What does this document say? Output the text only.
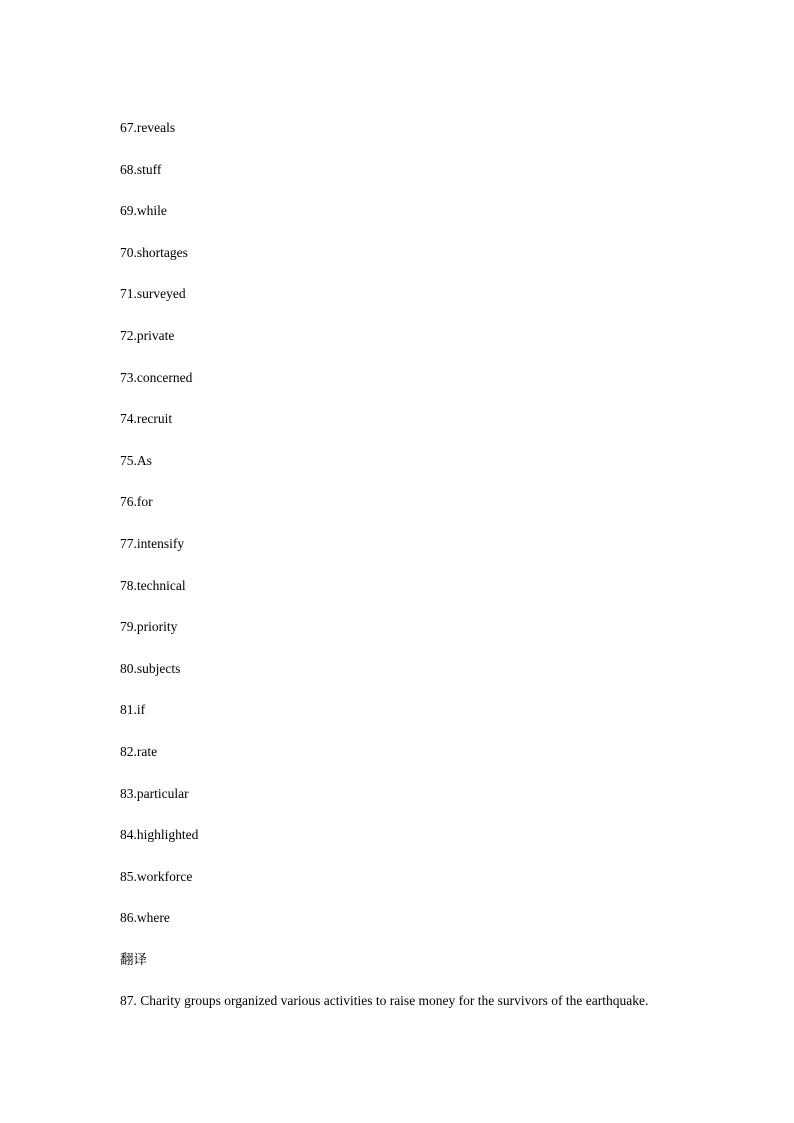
67.reveals
68.stuff
69.while
70.shortages
71.surveyed
72.private
73.concerned
74.recruit
75.As
76.for
77.intensify
78.technical
79.priority
80.subjects
81.if
82.rate
83.particular
84.highlighted
85.workforce
86.where
翻译
87. Charity groups organized various activities to raise money for the survivors of the earthquake.
